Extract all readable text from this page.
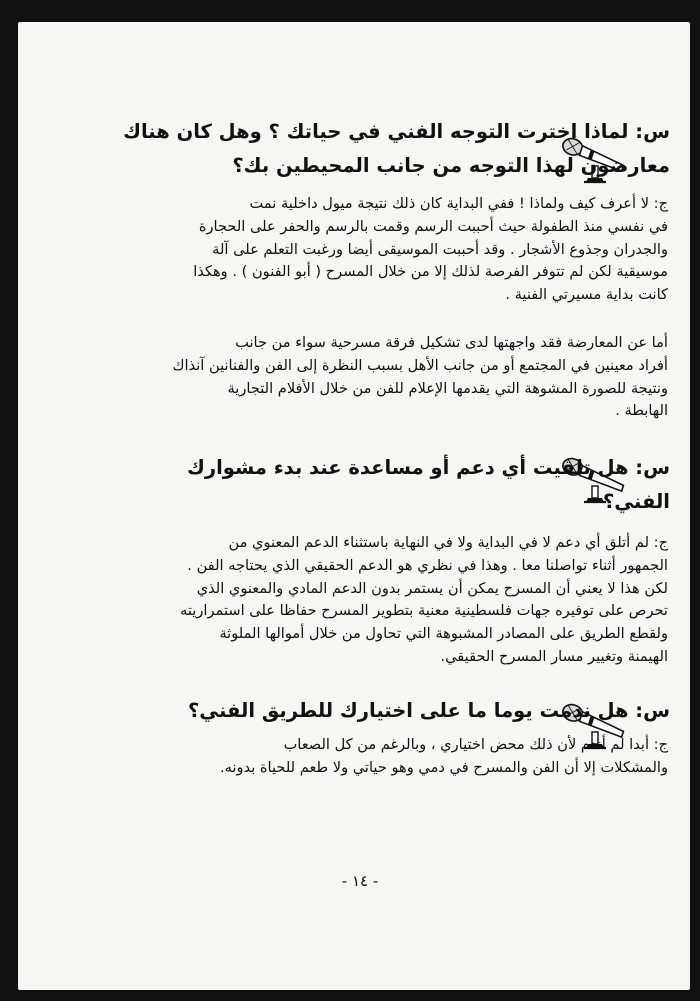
س: لماذا اخترت التوجه الفني في حياتك ؟ وهل كان هناك
معارضون لهذا التوجه من جانب المحيطين بك؟
ج: لا أعرف كيف ولماذا ! ففي البداية كان ذلك نتيجة ميول داخلية نمت
في نفسي منذ الطفولة حيث أحببت الرسم وقمت بالرسم والحفر على الحجارة
والجدران وجذوع الأشجار . وقد أحببت الموسيقى أيضا ورغبت التعلم على آلة
موسيقية لكن لم تتوفر الفرصة لذلك إلا من خلال المسرح ( أبو الفنون ) . وهكذا
كانت بداية مسيرتي الفنية .
أما عن المعارضة فقد واجهتها لدى تشكيل فرقة مسرحية سواء من جانب
أفراد معينين في المجتمع أو من جانب الأهل بسبب النظرة إلى الفن والفنانين آنذاك
ونتيجة للصورة المشوهة التي يقدمها الإعلام للفن من خلال الأفلام التجارية
الهابطة .
س: هل تلقيت أي دعم أو مساعدة عند بدء مشوارك
الفني؟
ج: لم أتلق أي دعم لا في البداية ولا في النهاية باستثناء الدعم المعنوي من
الجمهور أثناء تواصلنا معا . وهذا في نظري هو الدعم الحقيقي الذي يحتاجه الفن .
لكن هذا لا يعني أن المسرح يمكن أن يستمر بدون الدعم المادي والمعنوي الذي
تحرص على توفيره جهات فلسطينية معنية بتطوير المسرح حفاظا على استمراريته
ولقطع الطريق على المصادر المشبوهة التي تحاول من خلال أموالها الملوثة
الهيمنة وتغيير مسار المسرح الحقيقي.
س: هل ندمت يوما ما على اختيارك للطريق الفني؟
ج: أبدا لم أندم لأن ذلك محض اختياري ، وبالرغم من كل الصعاب
والمشكلات إلا أن الفن والمسرح في دمي وهو حياتي ولا طعم للحياة بدونه.
- ١٤ -
